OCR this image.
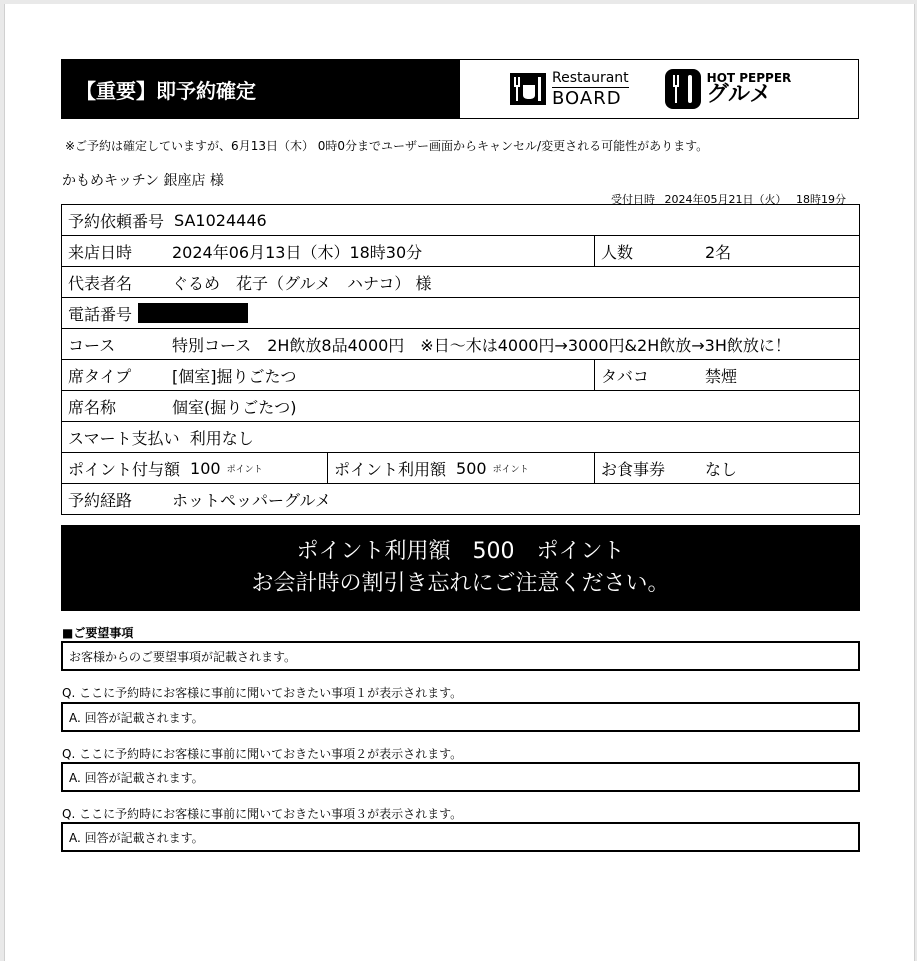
【重要】即予約確定
Restaurant
BOARD
HOT PEPPER
グルメ
※ご予約は確定していますが、6月13日（木） 0時0分までユーザー画面からキャンセル/変更される可能性があります。
かもめキッチン 銀座店 様
受付日時 2024年05月21日（火） 18時19分
予約依頼番号 SA1024446
来店日時	2024年06月13日（木）18時30分	人数	2名
代表者名	ぐるめ　花子（グルメ　ハナコ） 様
電話番号
コース	特別コース　2H飲放8品4000円　※日～木は4000円→3000円&2H飲放→3H飲放に！
席タイプ	[個室]掘りごたつ	タバコ	禁煙
席名称	個室(掘りごたつ)
スマート支払い 利用なし
ポイント付与額 100 ポイント	ポイント利用額 500 ポイント	お食事券	なし
予約経路	ホットペッパーグルメ
ポイント利用額　500　ポイント
お会計時の割引き忘れにご注意ください。
■ご要望事項
お客様からのご要望事項が記載されます。
Q. ここに予約時にお客様に事前に聞いておきたい事項１が表示されます。
A. 回答が記載されます。
Q. ここに予約時にお客様に事前に聞いておきたい事項２が表示されます。
A. 回答が記載されます。
Q. ここに予約時にお客様に事前に聞いておきたい事項３が表示されます。
A. 回答が記載されます。
